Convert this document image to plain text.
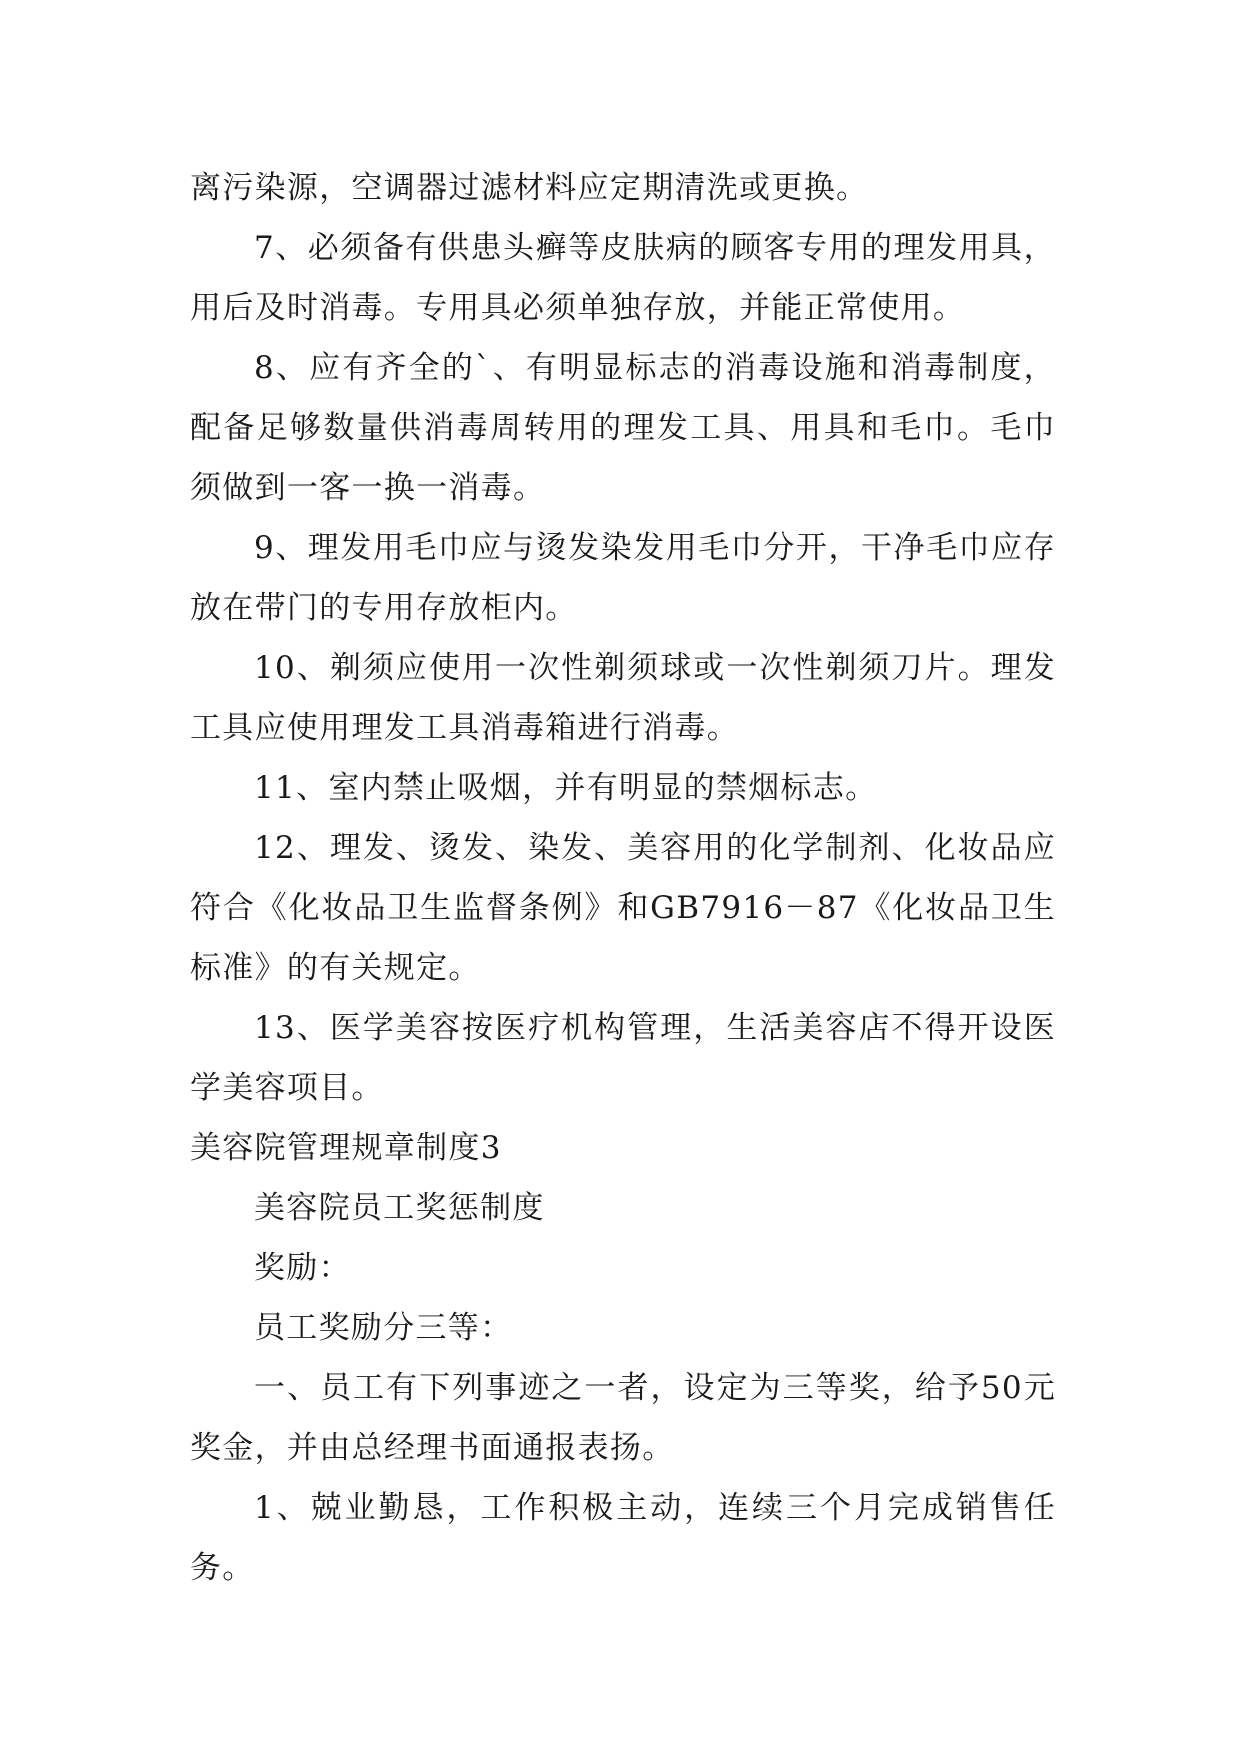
离污染源，空调器过滤材料应定期清洗或更换。

7、必须备有供患头癣等皮肤病的顾客专用的理发用具，用后及时消毒。专用具必须单独存放，并能正常使用。

8、应有齐全的`、有明显标志的消毒设施和消毒制度，配备足够数量供消毒周转用的理发工具、用具和毛巾。毛巾须做到一客一换一消毒。

9、理发用毛巾应与烫发染发用毛巾分开，干净毛巾应存放在带门的专用存放柜内。

10、剃须应使用一次性剃须球或一次性剃须刀片。理发工具应使用理发工具消毒箱进行消毒。

11、室内禁止吸烟，并有明显的禁烟标志。

12、理发、烫发、染发、美容用的化学制剂、化妆品应符合《化妆品卫生监督条例》和GB7916－87《化妆品卫生标准》的有关规定。

13、医学美容按医疗机构管理，生活美容店不得开设医学美容项目。

美容院管理规章制度3

美容院员工奖惩制度

奖励：

员工奖励分三等：

一、员工有下列事迹之一者，设定为三等奖，给予50元奖金，并由总经理书面通报表扬。

1、兢业勤恳，工作积极主动，连续三个月完成销售任务。
